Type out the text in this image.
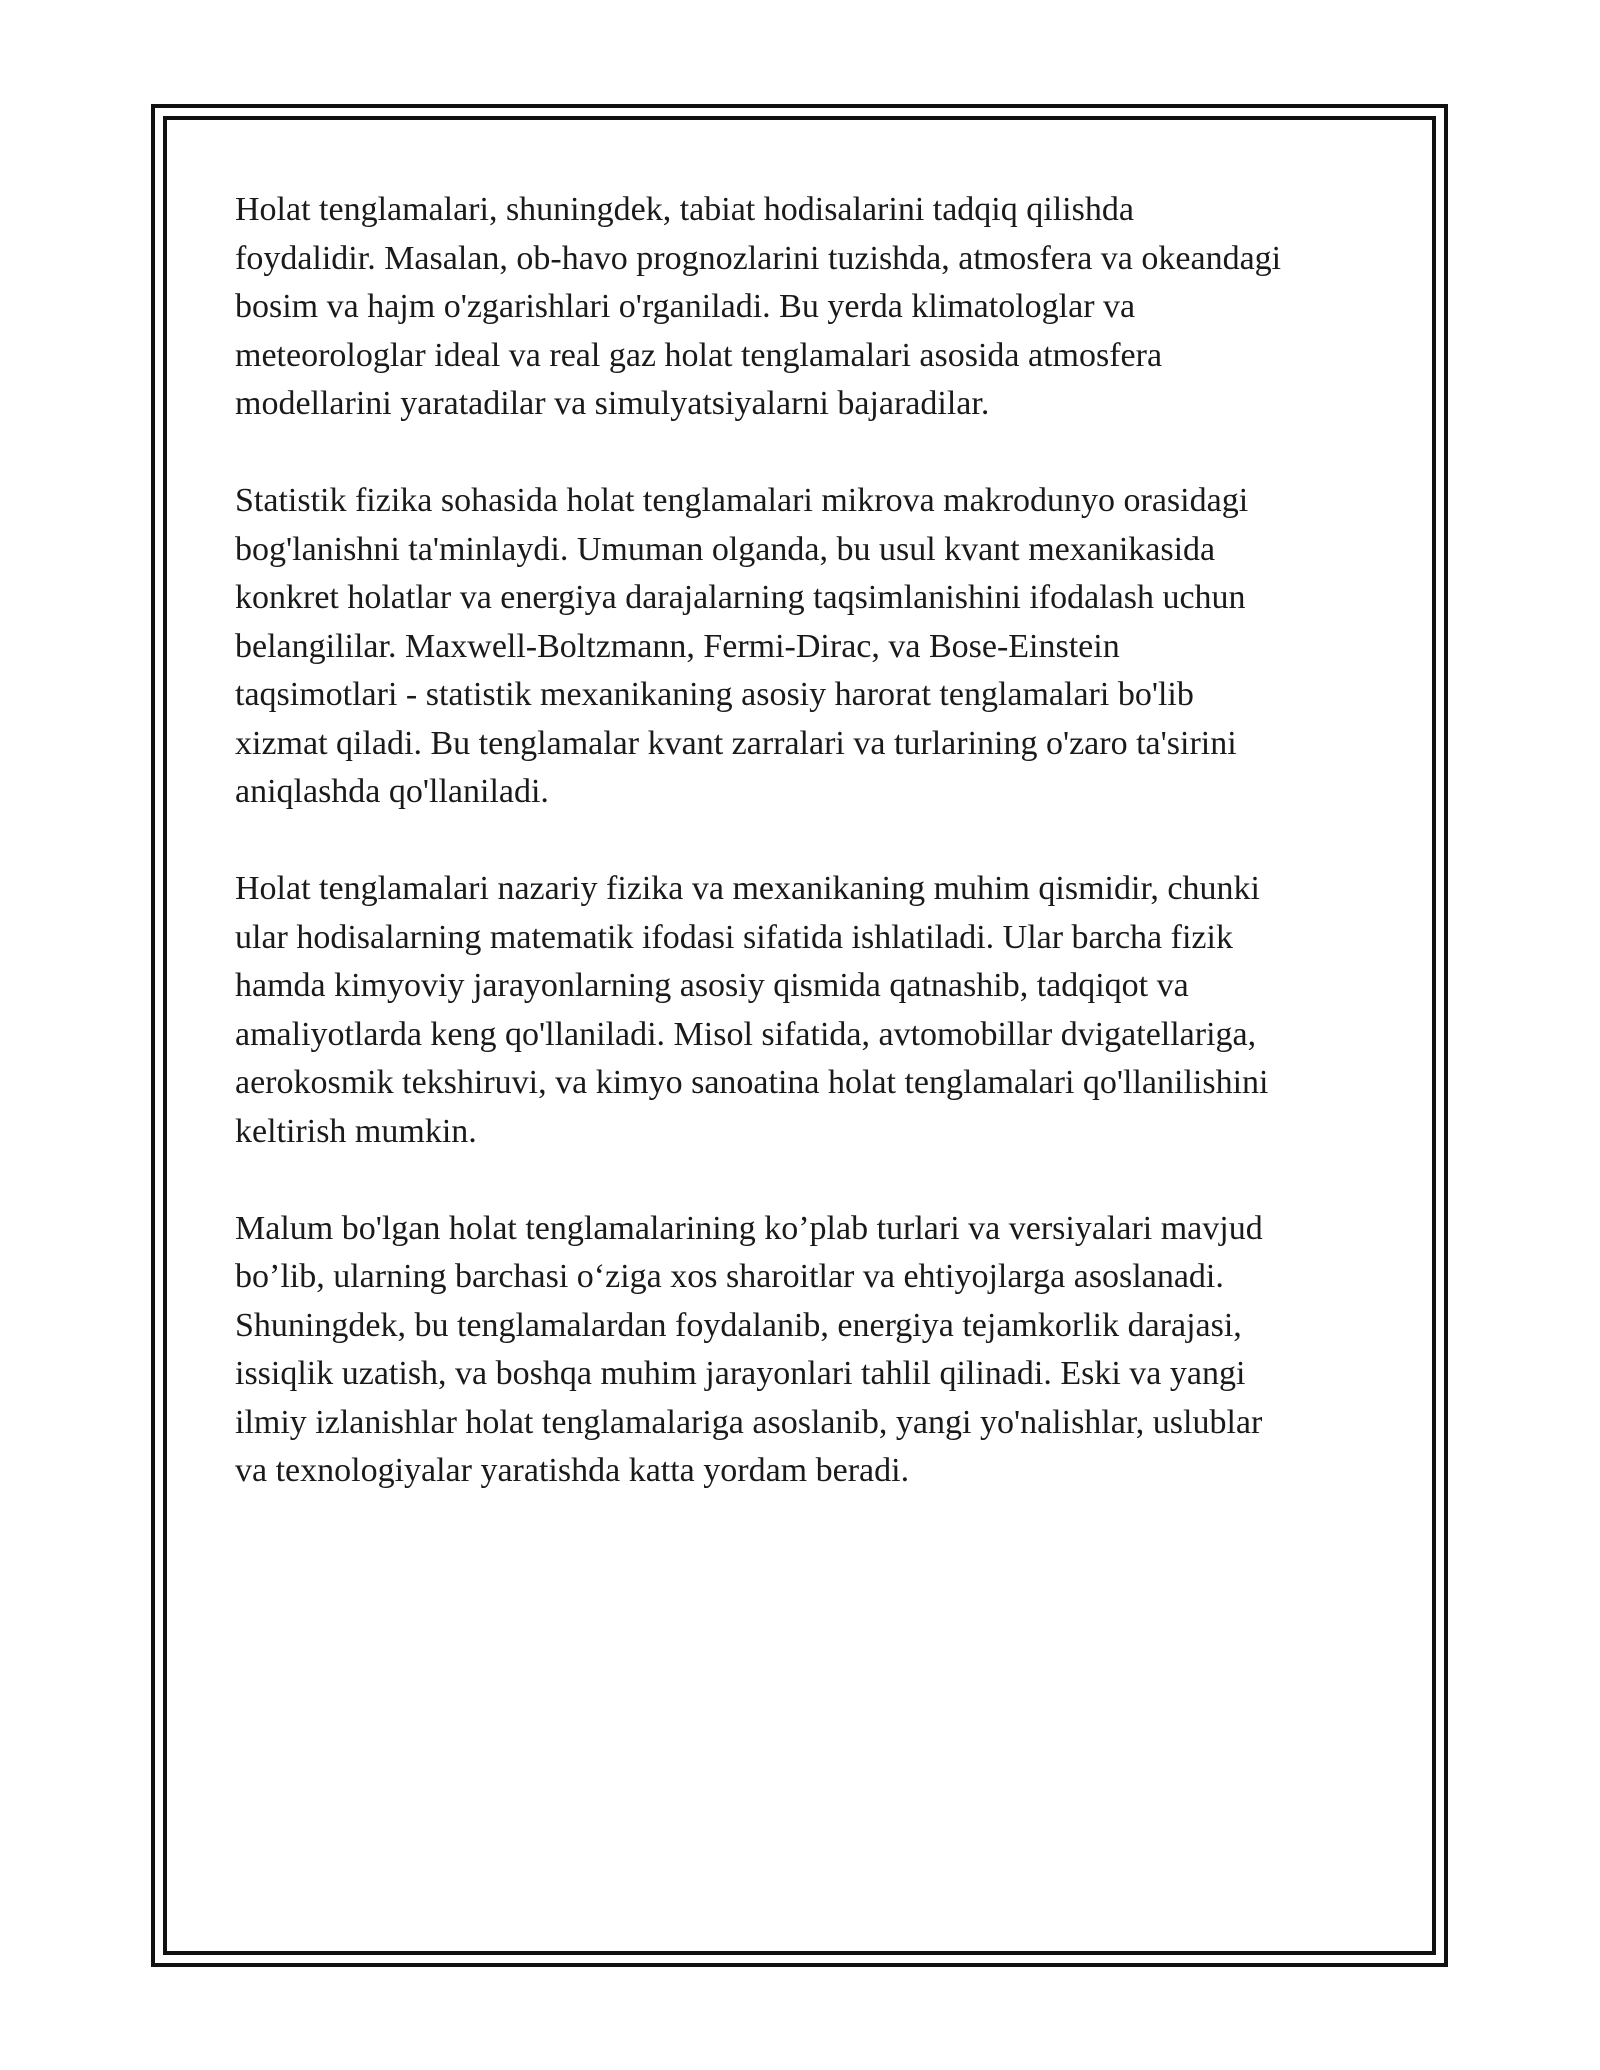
Holat tenglamalari, shuningdek, tabiat hodisalarini tadqiq qilishda
foydalidir. Masalan, ob-havo prognozlarini tuzishda, atmosfera va okeandagi
bosim va hajm o'zgarishlari o'rganiladi. Bu yerda klimatologlar va
meteorologlar ideal va real gaz holat tenglamalari asosida atmosfera
modellarini yaratadilar va simulyatsiyalarni bajaradilar.

Statistik fizika sohasida holat tenglamalari mikrova makrodunyo orasidagi
bog'lanishni ta'minlaydi. Umuman olganda, bu usul kvant mexanikasida
konkret holatlar va energiya darajalarning taqsimlanishini ifodalash uchun
belangililar. Maxwell-Boltzmann, Fermi-Dirac, va Bose-Einstein
taqsimotlari - statistik mexanikaning asosiy harorat tenglamalari bo'lib
xizmat qiladi. Bu tenglamalar kvant zarralari va turlarining o'zaro ta'sirini
aniqlashda qo'llaniladi.

Holat tenglamalari nazariy fizika va mexanikaning muhim qismidir, chunki
ular hodisalarning matematik ifodasi sifatida ishlatiladi. Ular barcha fizik
hamda kimyoviy jarayonlarning asosiy qismida qatnashib, tadqiqot va
amaliyotlarda keng qo'llaniladi. Misol sifatida, avtomobillar dvigatellariga,
aerokosmik tekshiruvi, va kimyo sanoatina holat tenglamalari qo'llanilishini
keltirish mumkin.

Malum bo'lgan holat tenglamalarining ko’plab turlari va versiyalari mavjud
bo’lib, ularning barchasi o‘ziga xos sharoitlar va ehtiyojlarga asoslanadi.
Shuningdek, bu tenglamalardan foydalanib, energiya tejamkorlik darajasi,
issiqlik uzatish, va boshqa muhim jarayonlari tahlil qilinadi. Eski va yangi
ilmiy izlanishlar holat tenglamalariga asoslanib, yangi yo'nalishlar, uslublar
va texnologiyalar yaratishda katta yordam beradi.
